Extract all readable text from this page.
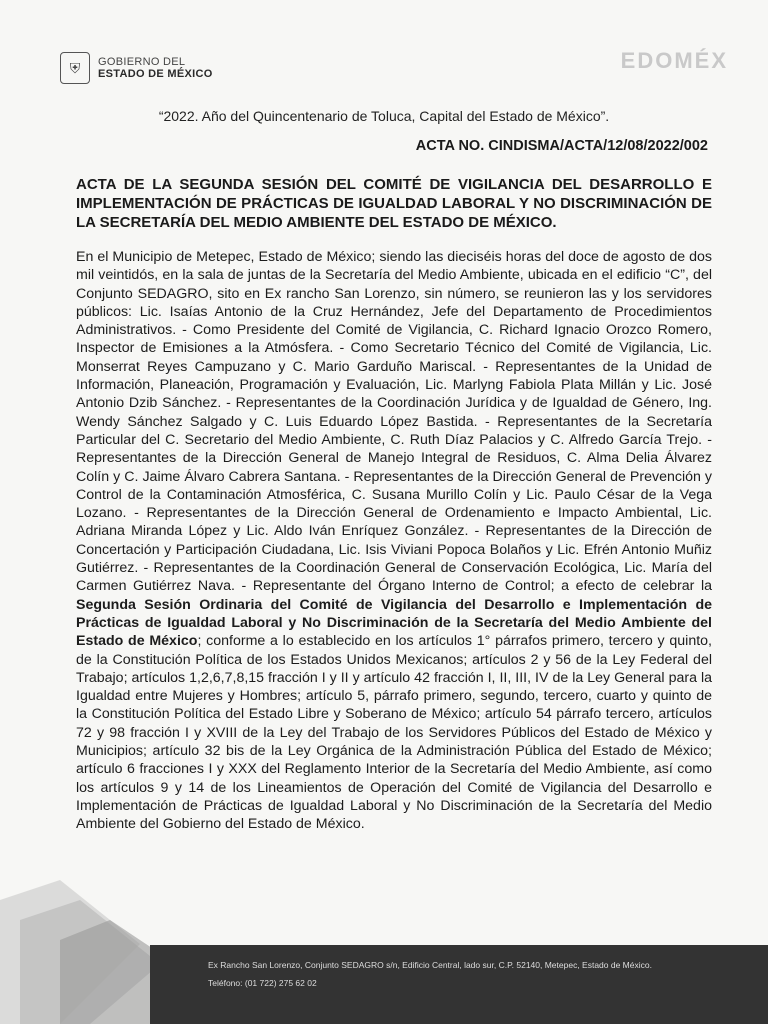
⛨	GOBIERNO DEL
ESTADO DE MÉXICO
EDOMÉX
“2022. Año del Quincentenario de Toluca, Capital del Estado de México”.
ACTA NO. CINDISMA/ACTA/12/08/2022/002
ACTA DE LA SEGUNDA SESIÓN DEL COMITÉ DE VIGILANCIA DEL DESARROLLO E IMPLEMENTACIÓN DE PRÁCTICAS DE IGUALDAD LABORAL Y NO DISCRIMINACIÓN DE LA SECRETARÍA DEL MEDIO AMBIENTE DEL ESTADO DE MÉXICO.
En el Municipio de Metepec, Estado de México; siendo las dieciséis horas del doce de agosto de dos mil veintidós, en la sala de juntas de la Secretaría del Medio Ambiente, ubicada en el edificio “C”, del Conjunto SEDAGRO, sito en Ex rancho San Lorenzo, sin número, se reunieron las y los servidores públicos: Lic. Isaías Antonio de la Cruz Hernández, Jefe del Departamento de Procedimientos Administrativos. - Como Presidente del Comité de Vigilancia, C. Richard Ignacio Orozco Romero, Inspector de Emisiones a la Atmósfera. - Como Secretario Técnico del Comité de Vigilancia, Lic. Monserrat Reyes Campuzano y C. Mario Garduño Mariscal. - Representantes de la Unidad de Información, Planeación, Programación y Evaluación, Lic. Marlyng Fabiola Plata Millán y Lic. José Antonio Dzib Sánchez. - Representantes de la Coordinación Jurídica y de Igualdad de Género, Ing. Wendy Sánchez Salgado y C. Luis Eduardo López Bastida. - Representantes de la Secretaría Particular del C. Secretario del Medio Ambiente, C. Ruth Díaz Palacios y C. Alfredo García Trejo. - Representantes de la Dirección General de Manejo Integral de Residuos, C. Alma Delia Álvarez Colín y C. Jaime Álvaro Cabrera Santana. - Representantes de la Dirección General de Prevención y Control de la Contaminación Atmosférica, C. Susana Murillo Colín y Lic. Paulo César de la Vega Lozano. - Representantes de la Dirección General de Ordenamiento e Impacto Ambiental, Lic. Adriana Miranda López y Lic. Aldo Iván Enríquez González. - Representantes de la Dirección de Concertación y Participación Ciudadana, Lic. Isis Viviani Popoca Bolaños y Lic. Efrén Antonio Muñiz Gutiérrez. - Representantes de la Coordinación General de Conservación Ecológica, Lic. María del Carmen Gutiérrez Nava. - Representante del Órgano Interno de Control; a efecto de celebrar la Segunda Sesión Ordinaria del Comité de Vigilancia del Desarrollo e Implementación de Prácticas de Igualdad Laboral y No Discriminación de la Secretaría del Medio Ambiente del Estado de México; conforme a lo establecido en los artículos 1° párrafos primero, tercero y quinto, de la Constitución Política de los Estados Unidos Mexicanos; artículos 2 y 56 de la Ley Federal del Trabajo; artículos 1,2,6,7,8,15 fracción I y II y artículo 42 fracción I, II, III, IV de la Ley General para la Igualdad entre Mujeres y Hombres; artículo 5, párrafo primero, segundo, tercero, cuarto y quinto de la Constitución Política del Estado Libre y Soberano de México; artículo 54 párrafo tercero, artículos 72 y 98 fracción I y XVIII de la Ley del Trabajo de los Servidores Públicos del Estado de México y Municipios; artículo 32 bis de la Ley Orgánica de la Administración Pública del Estado de México; artículo 6 fracciones I y XXX del Reglamento Interior de la Secretaría del Medio Ambiente, así como los artículos 9 y 14 de los Lineamientos de Operación del Comité de Vigilancia del Desarrollo e Implementación de Prácticas de Igualdad Laboral y No Discriminación de la Secretaría del Medio Ambiente del Gobierno del Estado de México.
Ex Rancho San Lorenzo, Conjunto SEDAGRO s/n, Edificio Central, lado sur, C.P. 52140, Metepec, Estado de México.
Teléfono: (01 722) 275 62 02
